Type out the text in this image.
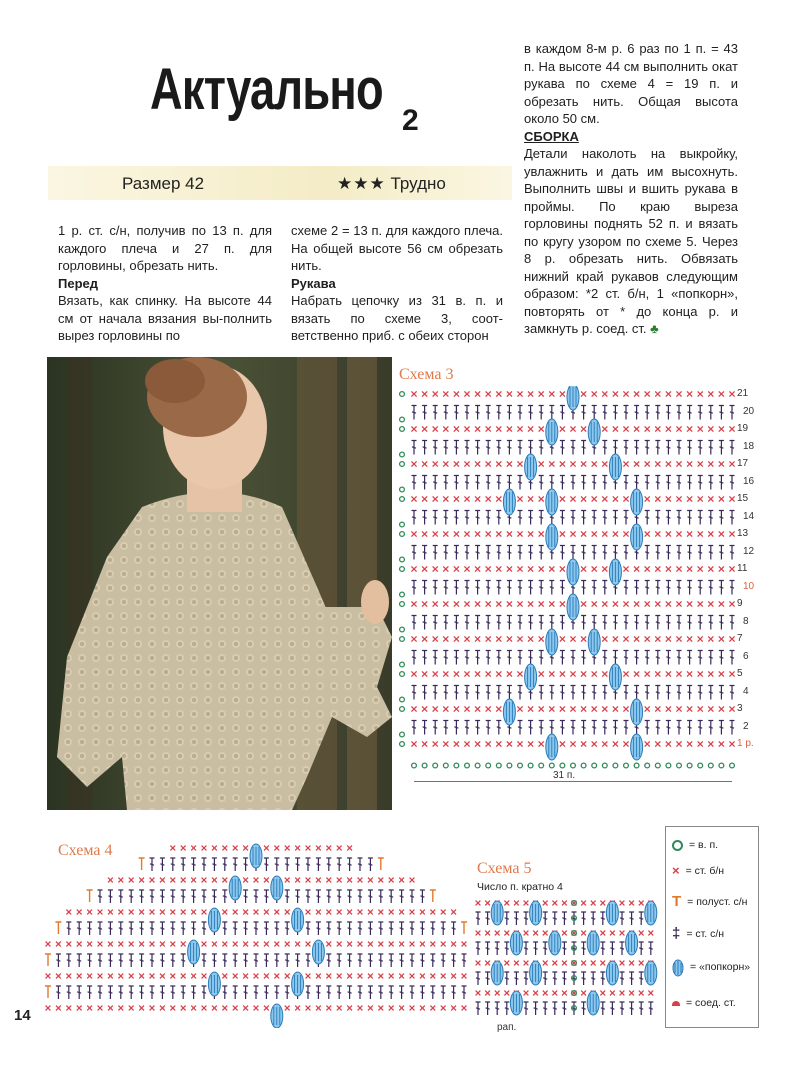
Актуально 2
Размер 42	★★★ Трудно
1 р. ст. с/н, получив по 13 п. для каждого плеча и 27 п. для горловины, обрезать нить.
Перед
Вязать, как спинку. На высоте 44 см от начала вязания вы-полнить вырез горловины по
схеме 2 = 13 п. для каждого плеча. На общей высоте 56 см обрезать нить.
Рукава
Набрать цепочку из 31 в. п. и вязать по схеме 3, соот-ветственно приб. с обеих сторон
в каждом 8-м р. 6 раз по 1 п. = 43 п. На высоте 44 см выполнить окат рукава по схеме 4 = 19 п. и обрезать нить. Общая высота около 50 см.
СБОРКА
Детали наколоть на выкройку, увлажнить и дать им высохнуть. Выполнить швы и вшить рукава в проймы. По краю выреза горловины поднять 52 п. и вязать по кругу узором по схеме 5. Через 8 р. обрезать нить. Обвязать нижний край рукавов следующим образом: *2 ст. б/н, 1 «попкорн», повторять от * до конца р. и замкнуть р. соед. ст. ♣
Схема 3
21
20
19
18
17
16
15
14
13
12
11
10
9
8
7
6
5
4
3
2
1 р.
31 п.
Схема 4
Схема 5
Число п. кратно 4
рап.
= в. п.
× = ст. б/н
T = полуст. с/н
‡ = ст. с/н
= «попкорн»
= соед. ст.
14
